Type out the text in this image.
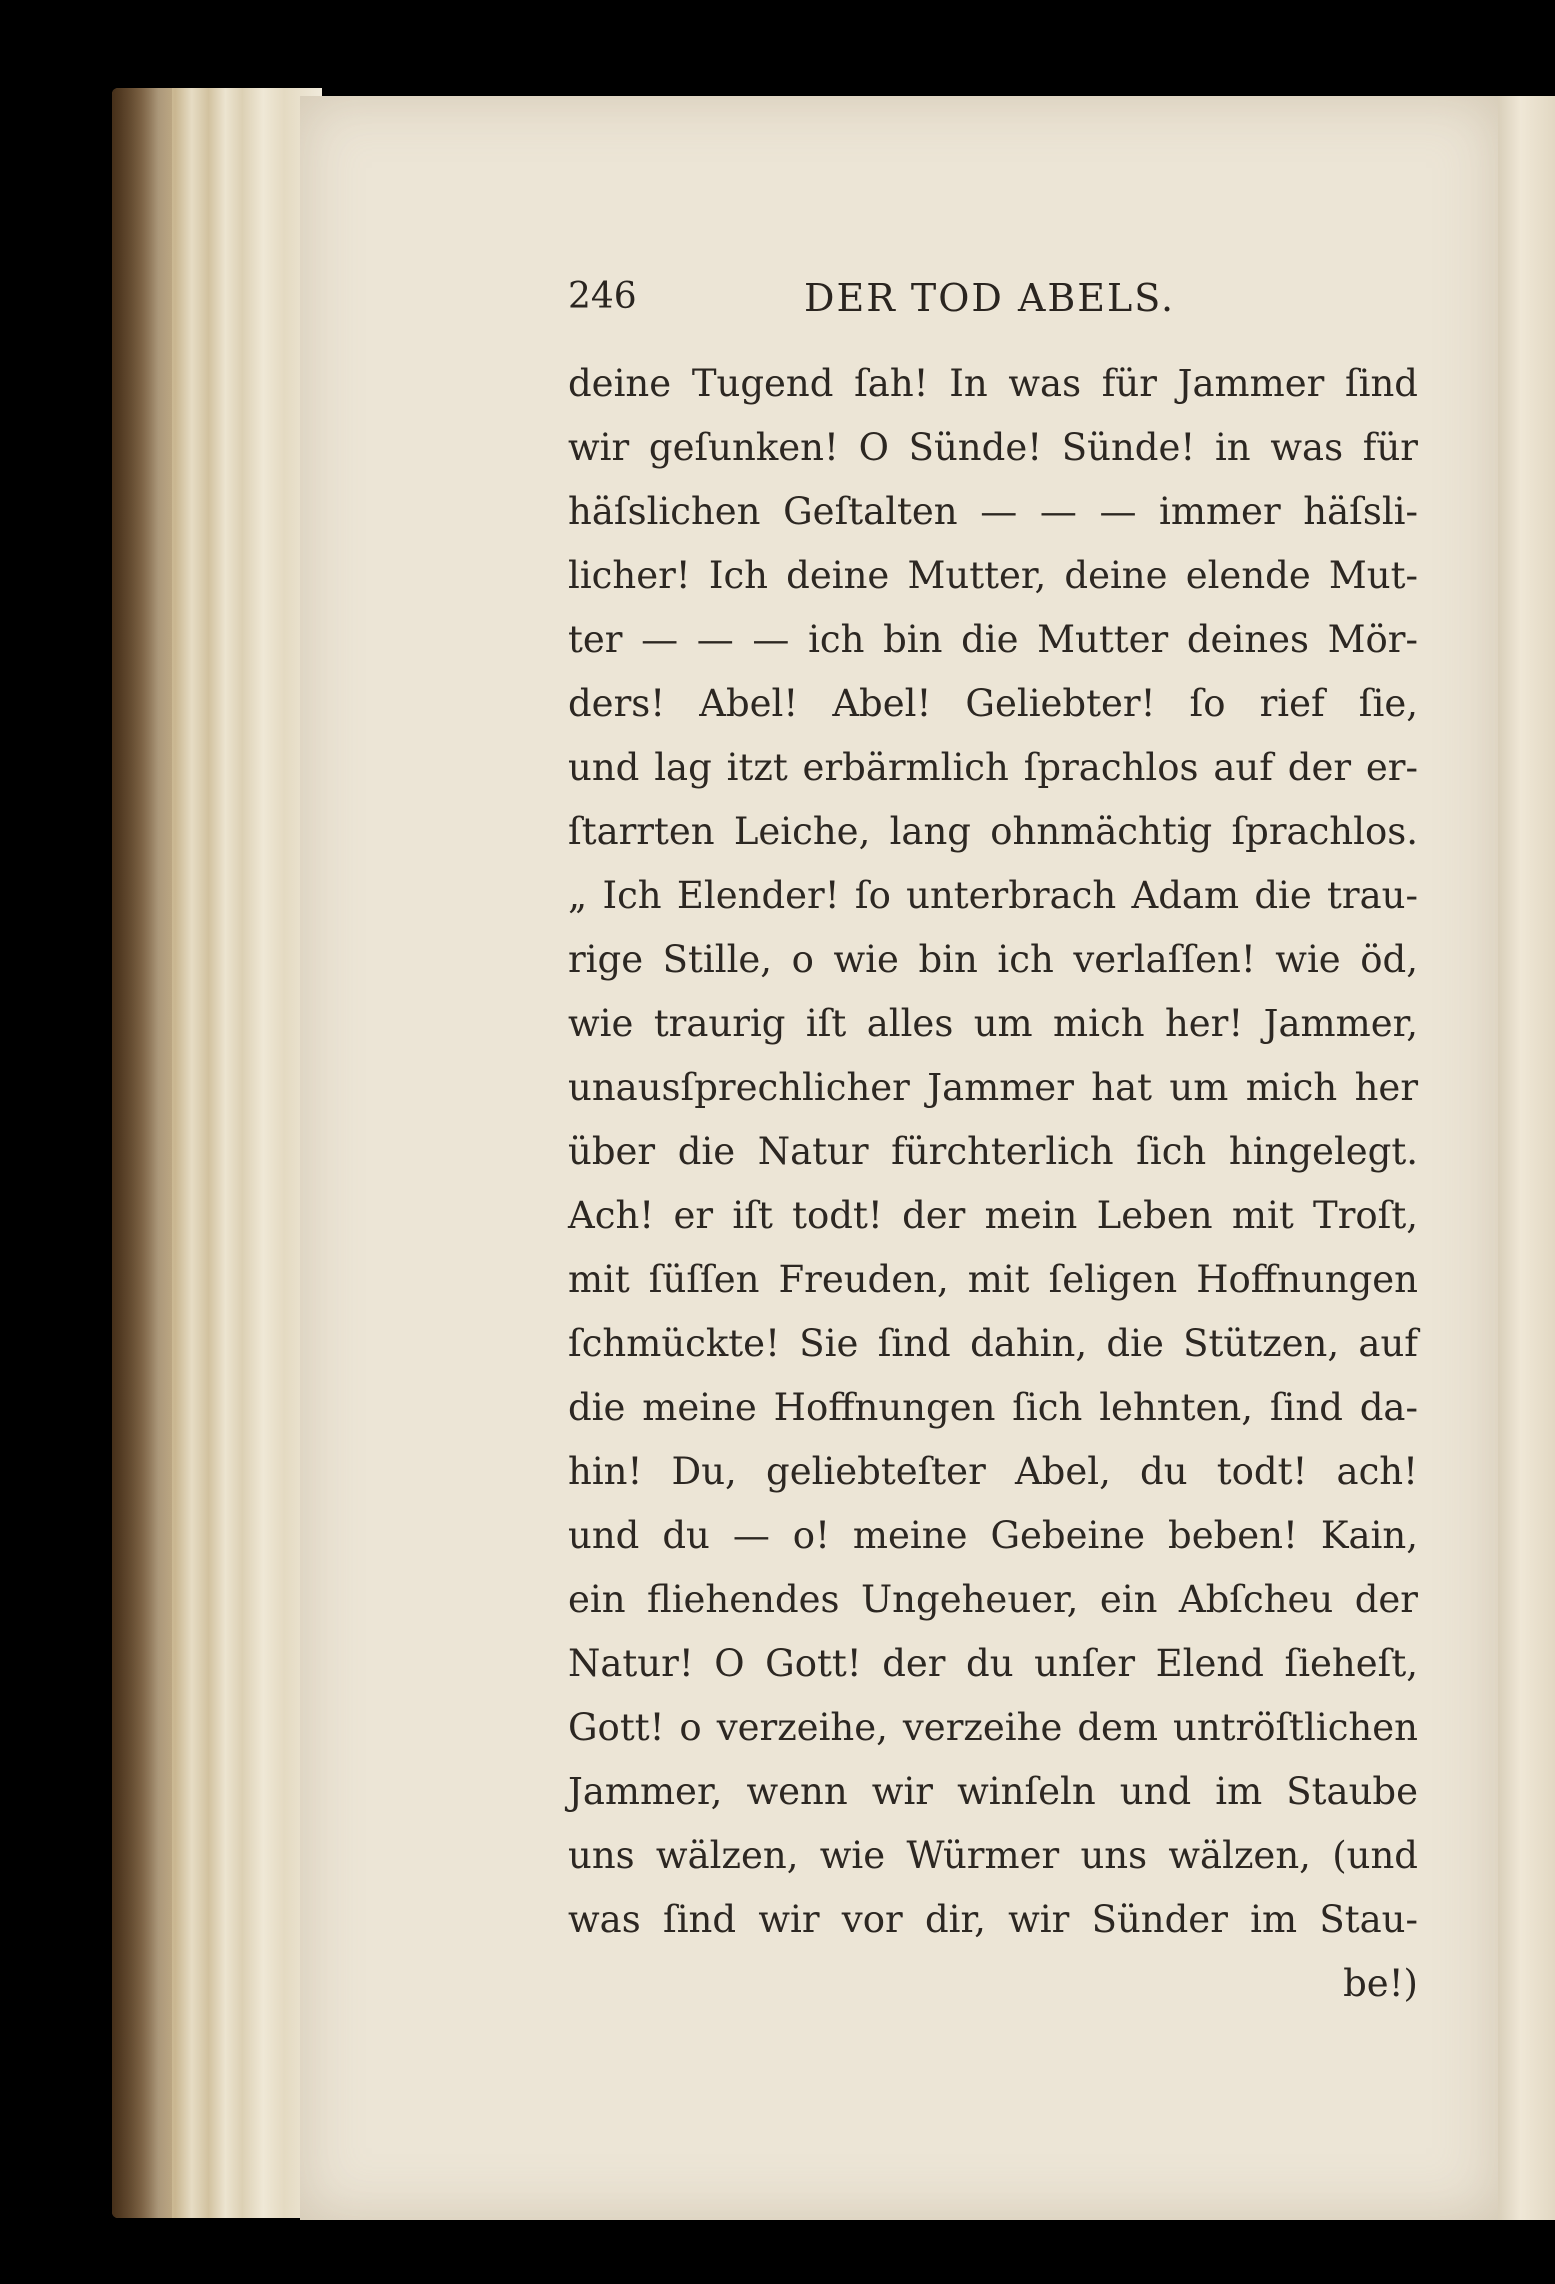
246	DER TOD ABELS.
deine Tugend ſah! In was für Jammer ſind
wir geſunken! O Sünde! Sünde! in was für
häſslichen Geſtalten — — — immer häſsli-
licher! Ich deine Mutter, deine elende Mut-
ter — — — ich bin die Mutter deines Mör-
ders! Abel! Abel! Geliebter! ſo rief ſie,
und lag itzt erbärmlich ſprachlos auf der er-
ſtarrten Leiche, lang ohnmächtig ſprachlos.
„ Ich Elender! ſo unterbrach Adam die trau-
rige Stille, o wie bin ich verlaſſen! wie öd,
wie traurig iſt alles um mich her! Jammer,
unausſprechlicher Jammer hat um mich her
über die Natur fürchterlich ſich hingelegt.
Ach! er iſt todt! der mein Leben mit Troſt,
mit ſüſſen Freuden, mit ſeligen Hoffnungen
ſchmückte! Sie ſind dahin, die Stützen, auf
die meine Hoffnungen ſich lehnten, ſind da-
hin! Du, geliebteſter Abel, du todt! ach!
und du — o! meine Gebeine beben! Kain,
ein fliehendes Ungeheuer, ein Abſcheu der
Natur! O Gott! der du unſer Elend ſieheſt,
Gott! o verzeihe, verzeihe dem untröſtlichen
Jammer, wenn wir winſeln und im Staube
uns wälzen, wie Würmer uns wälzen, (und
was ſind wir vor dir, wir Sünder im Stau-
be!)
